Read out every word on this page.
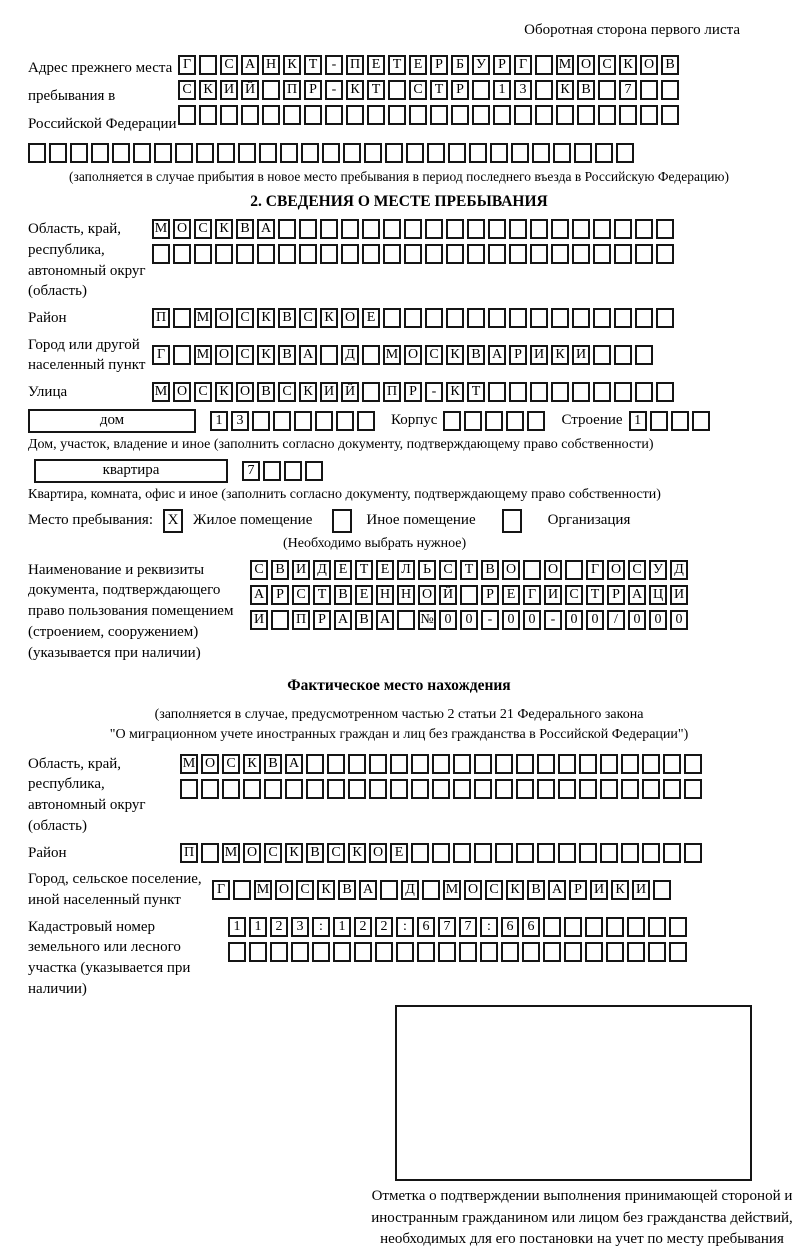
Оборотная сторона первого листа
Адрес прежнего места пребывания в Российской Федерации
Г	С А Н К Т	- П Е Т Е Р Б У Р Г	М О С К О В
С К И Й П Р	-	К Т	С Т Р	1	3	К В	7
(заполняется в случае прибытия в новое место пребывания в период последнего въезда в Российскую Федерацию)
2. СВЕДЕНИЯ О МЕСТЕ ПРЕБЫВАНИЯ
Область, край, республика, автономный округ (область)
М О С К В А
Район	П М О С К В С К О Е
Город или другой населенный пункт
Г	М О С К В А	Д	М О С К В А Р И К И
Улица	М О С К О В С К И Й П Р	-	К Т
дом	1	3	Корпус	Строение 1
Дом, участок, владение и иное (заполнить согласно документу, подтверждающему право собственности)
квартира	7
Квартира, комната, офис и иное (заполнить согласно документу, подтверждающему право собственности)
Место пребывания: X Жилое помещение	Иное помещение	Организация
(Необходимо выбрать нужное)
Наименование и реквизиты документа, подтверждающего право пользования помещением (строением, сооружением) (указывается при наличии)
С В И Д Е Т Е Л Ь С Т В О О	Г О С У Д
А Р С Т В Е Н Н О Й	Р Е Г И С Т Р А Ц И
И П Р А В А № 0	0	-	0	0	-	0	0	/	0	0	0
Фактическое место нахождения
(заполняется в случае, предусмотренном частью 2 статьи 21 Федерального закона
"О миграционном учете иностранных граждан и лиц без гражданства в Российской Федерации")
Область, край, республика, автономный округ (область)
М О С К В А
Район	П М О С К В С К О Е
Город, сельское поселение, иной населенный пункт
Г	М О С К В А	Д	М О С К В А Р И К И
Кадастровый номер земельного или лесного участка (указывается при наличии)
1	1	2	3	:	1	2	2	:	6	7	7	:	6	6
Отметка о подтверждении выполнения принимающей стороной и иностранным гражданином или лицом без гражданства действий, необходимых для его постановки на учет по месту пребывания
